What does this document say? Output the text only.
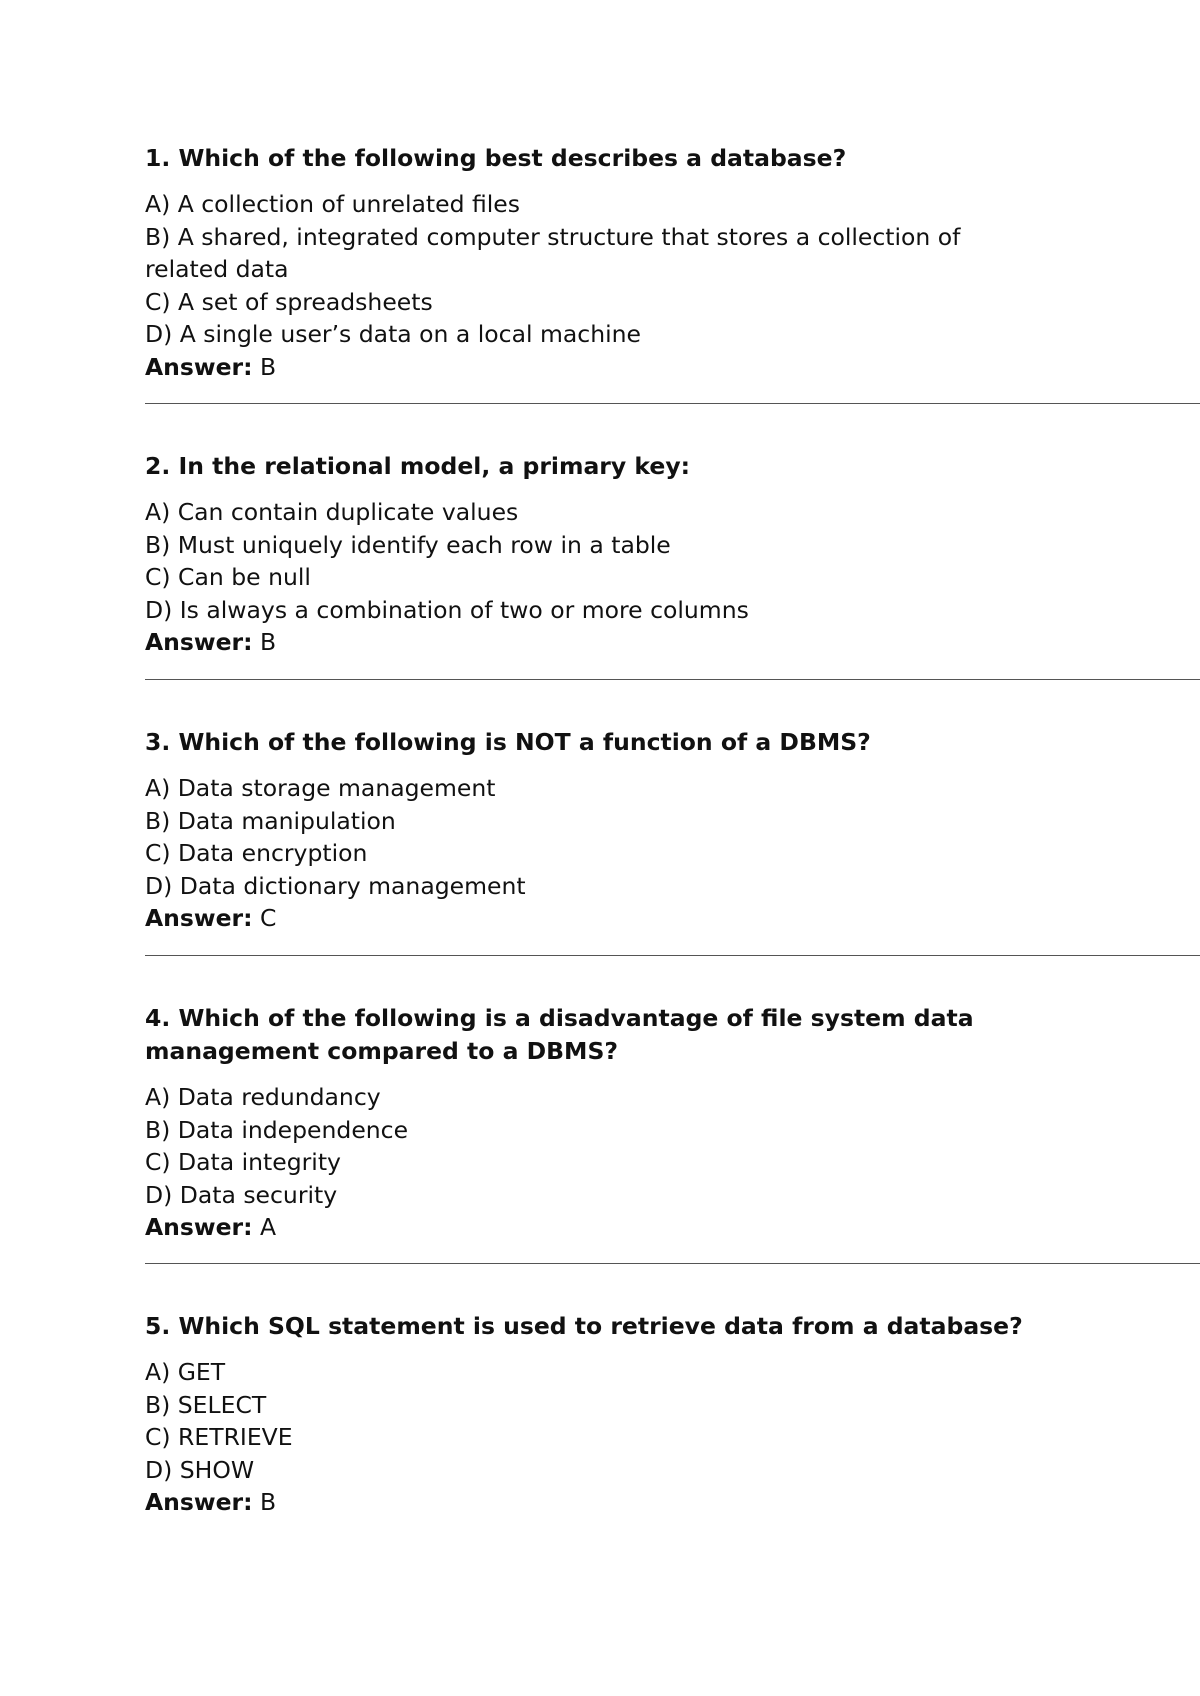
1. Which of the following best describes a database?

A) A collection of unrelated files

B) A shared, integrated computer structure that stores a collection of related data

C) A set of spreadsheets

D) A single user’s data on a local machine

Answer: B

2. In the relational model, a primary key:

A) Can contain duplicate values

B) Must uniquely identify each row in a table

C) Can be null

D) Is always a combination of two or more columns

Answer: B

3. Which of the following is NOT a function of a DBMS?

A) Data storage management

B) Data manipulation

C) Data encryption

D) Data dictionary management

Answer: C

4. Which of the following is a disadvantage of file system data management compared to a DBMS?

A) Data redundancy

B) Data independence

C) Data integrity

D) Data security

Answer: A

5. Which SQL statement is used to retrieve data from a database?

A) GET

B) SELECT

C) RETRIEVE

D) SHOW

Answer: B
